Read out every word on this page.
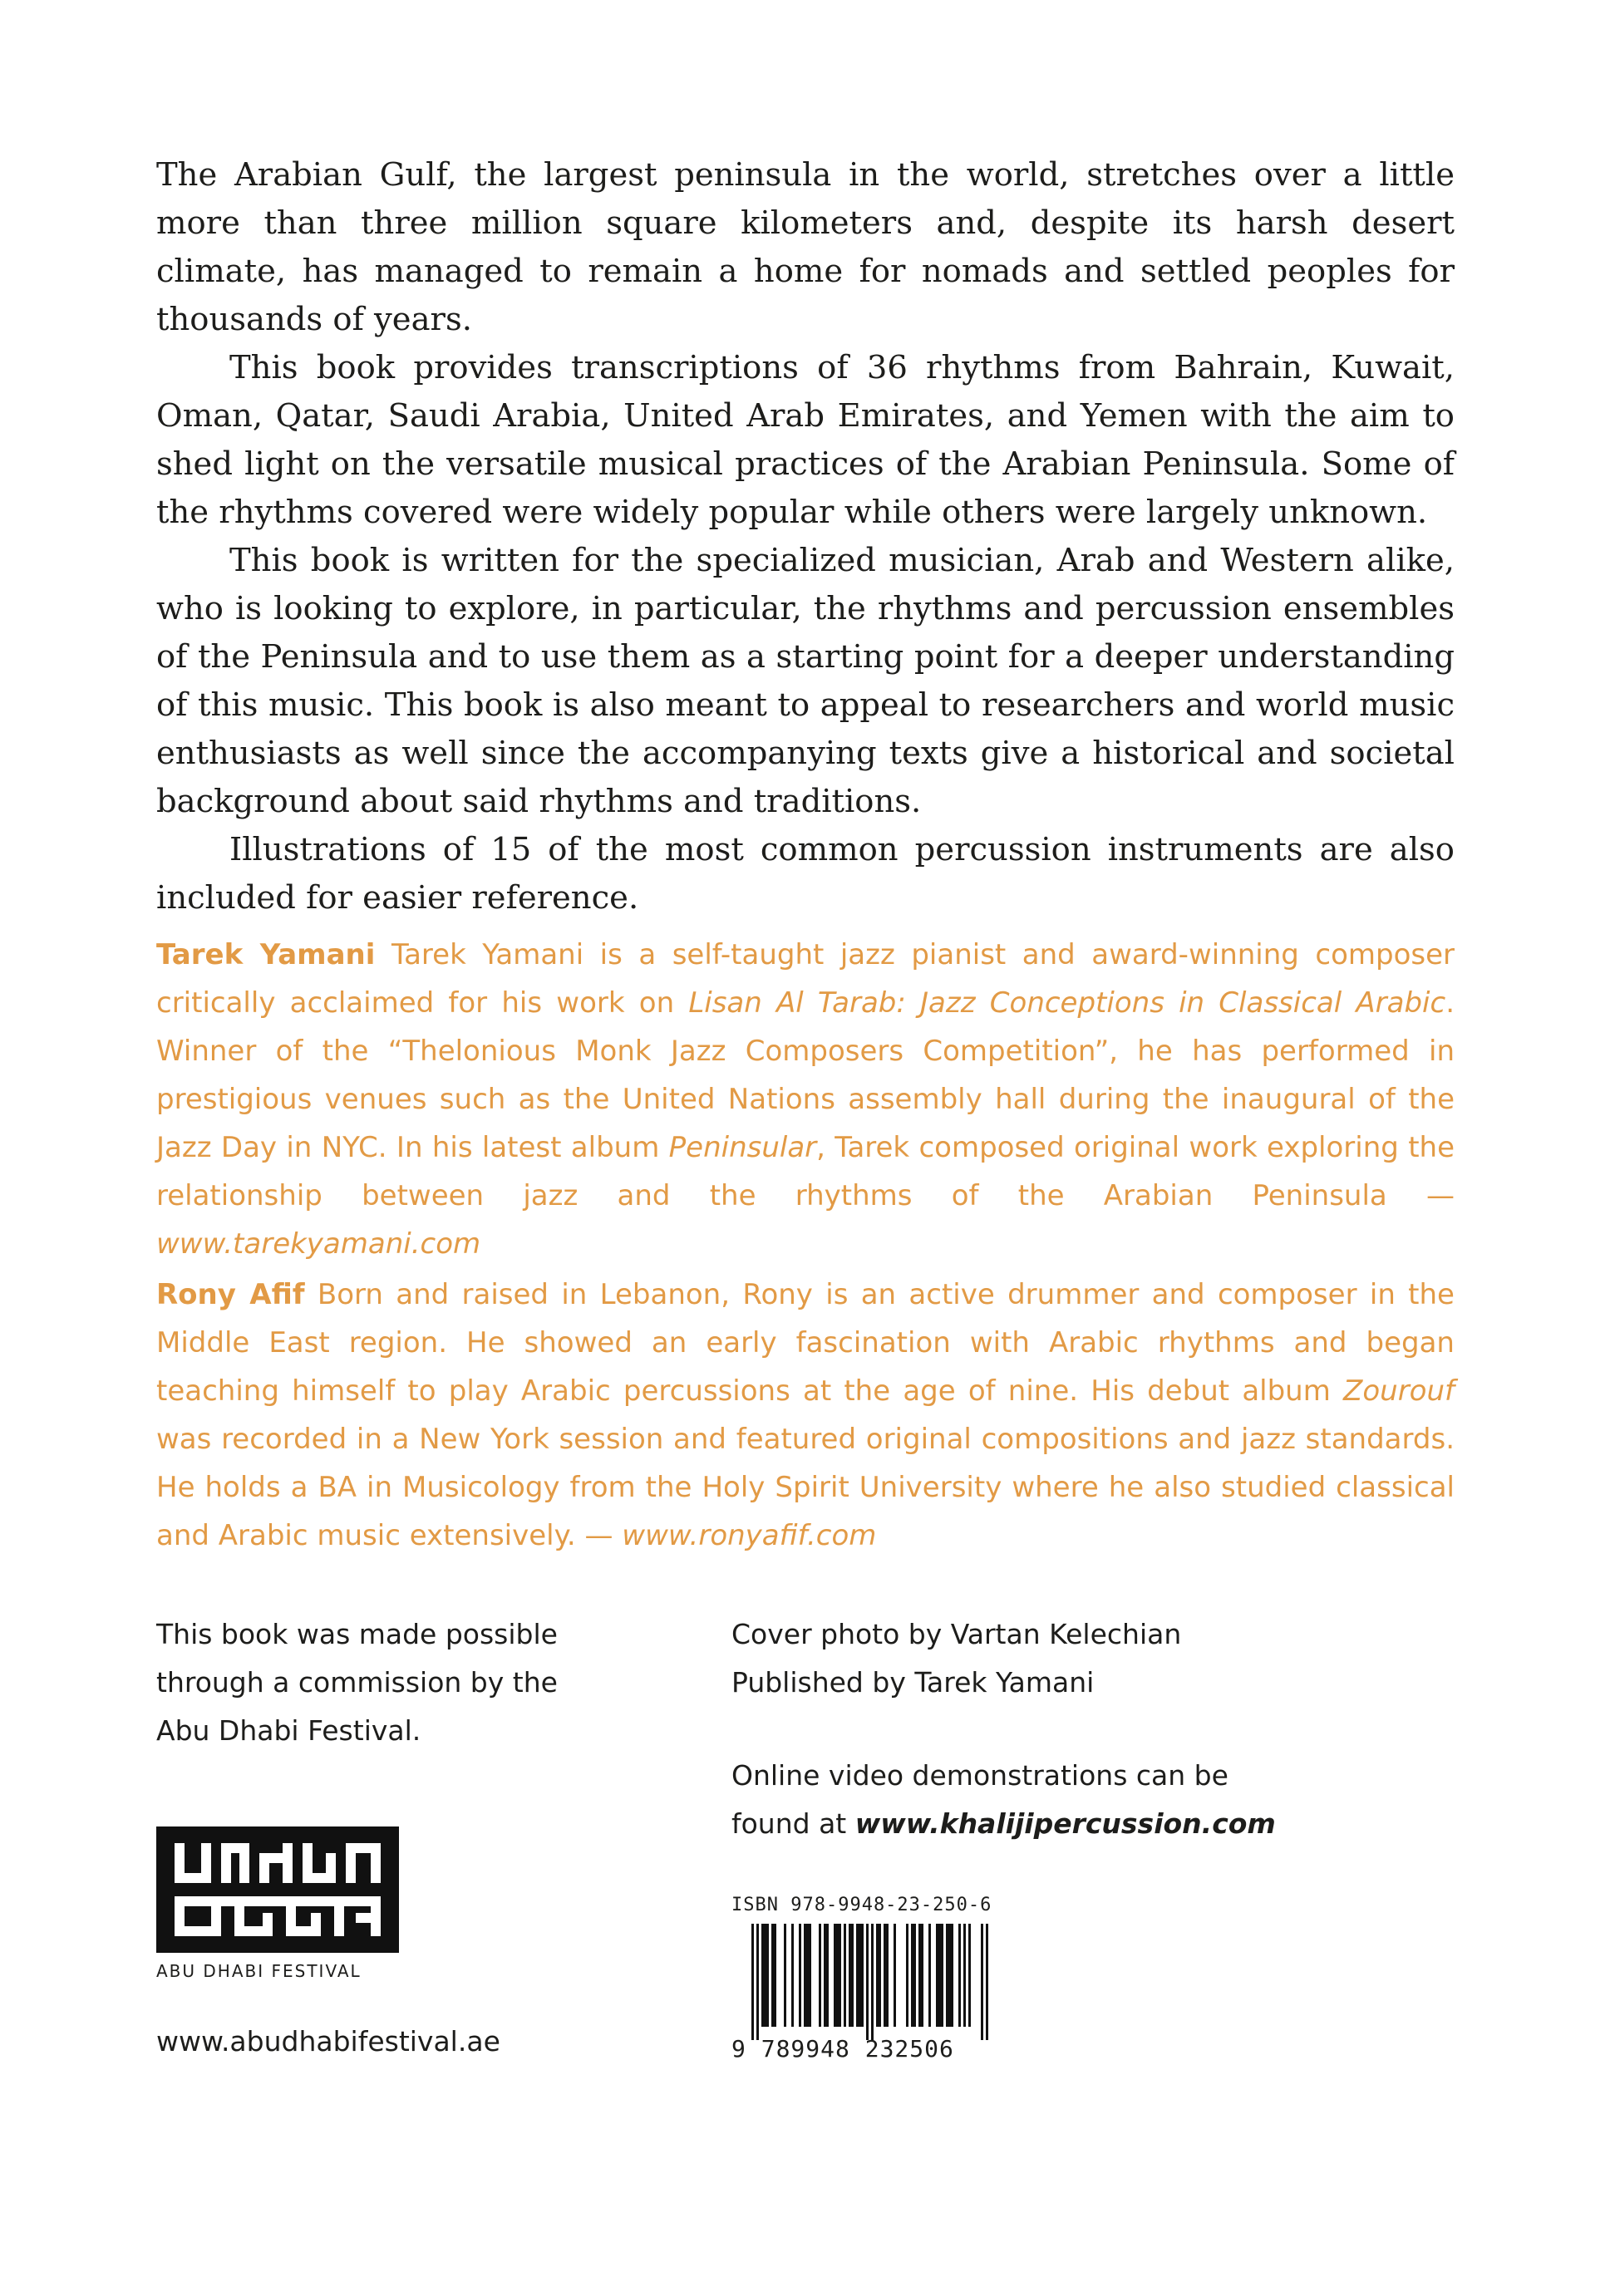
The Arabian Gulf, the largest peninsula in the world, stretches over a little more than three million square kilometers and, despite its harsh desert climate, has managed to remain a home for nomads and settled peoples for thousands of years.

This book provides transcriptions of 36 rhythms from Bahrain, Kuwait, Oman, Qatar, Saudi Arabia, United Arab Emirates, and Yemen with the aim to shed light on the versatile musical practices of the Arabian Peninsula. Some of the rhythms covered were widely popular while others were largely unknown.

This book is written for the specialized musician, Arab and Western alike, who is looking to explore, in particular, the rhythms and percussion ensembles of the Peninsula and to use them as a starting point for a deeper understanding of this music. This book is also meant to appeal to researchers and world music enthusiasts as well since the accompanying texts give a historical and societal background about said rhythms and traditions.

Illustrations of 15 of the most common percussion instruments are also included for easier reference.

Tarek Yamani Tarek Yamani is a self-taught jazz pianist and award-winning composer critically acclaimed for his work on Lisan Al Tarab: Jazz Conceptions in Classical Arabic. Winner of the “Thelonious Monk Jazz Composers Competition”, he has performed in prestigious venues such as the United Nations assembly hall during the inaugural of the Jazz Day in NYC. In his latest album Peninsular, Tarek composed original work exploring the relationship between jazz and the rhythms of the Arabian Peninsula — www.tarekyamani.com

Rony Afif Born and raised in Lebanon, Rony is an active drummer and composer in the Middle East region. He showed an early fascination with Arabic rhythms and began teaching himself to play Arabic percussions at the age of nine. His debut album Zourouf was recorded in a New York session and featured original compositions and jazz standards. He holds a BA in Musicology from the Holy Spirit University where he also studied classical and Arabic music extensively. — www.ronyafif.com

This book was made possible
through a commission by the
Abu Dhabi Festival.
Cover photo by Vartan Kelechian
Published by Tarek Yamani
Online video demonstrations can be
found at www.khalijipercussion.com
ABU DHABI FESTIVAL
www.abudhabifestival.ae
ISBN 978-9948-23-250-6
9 789948 232506
